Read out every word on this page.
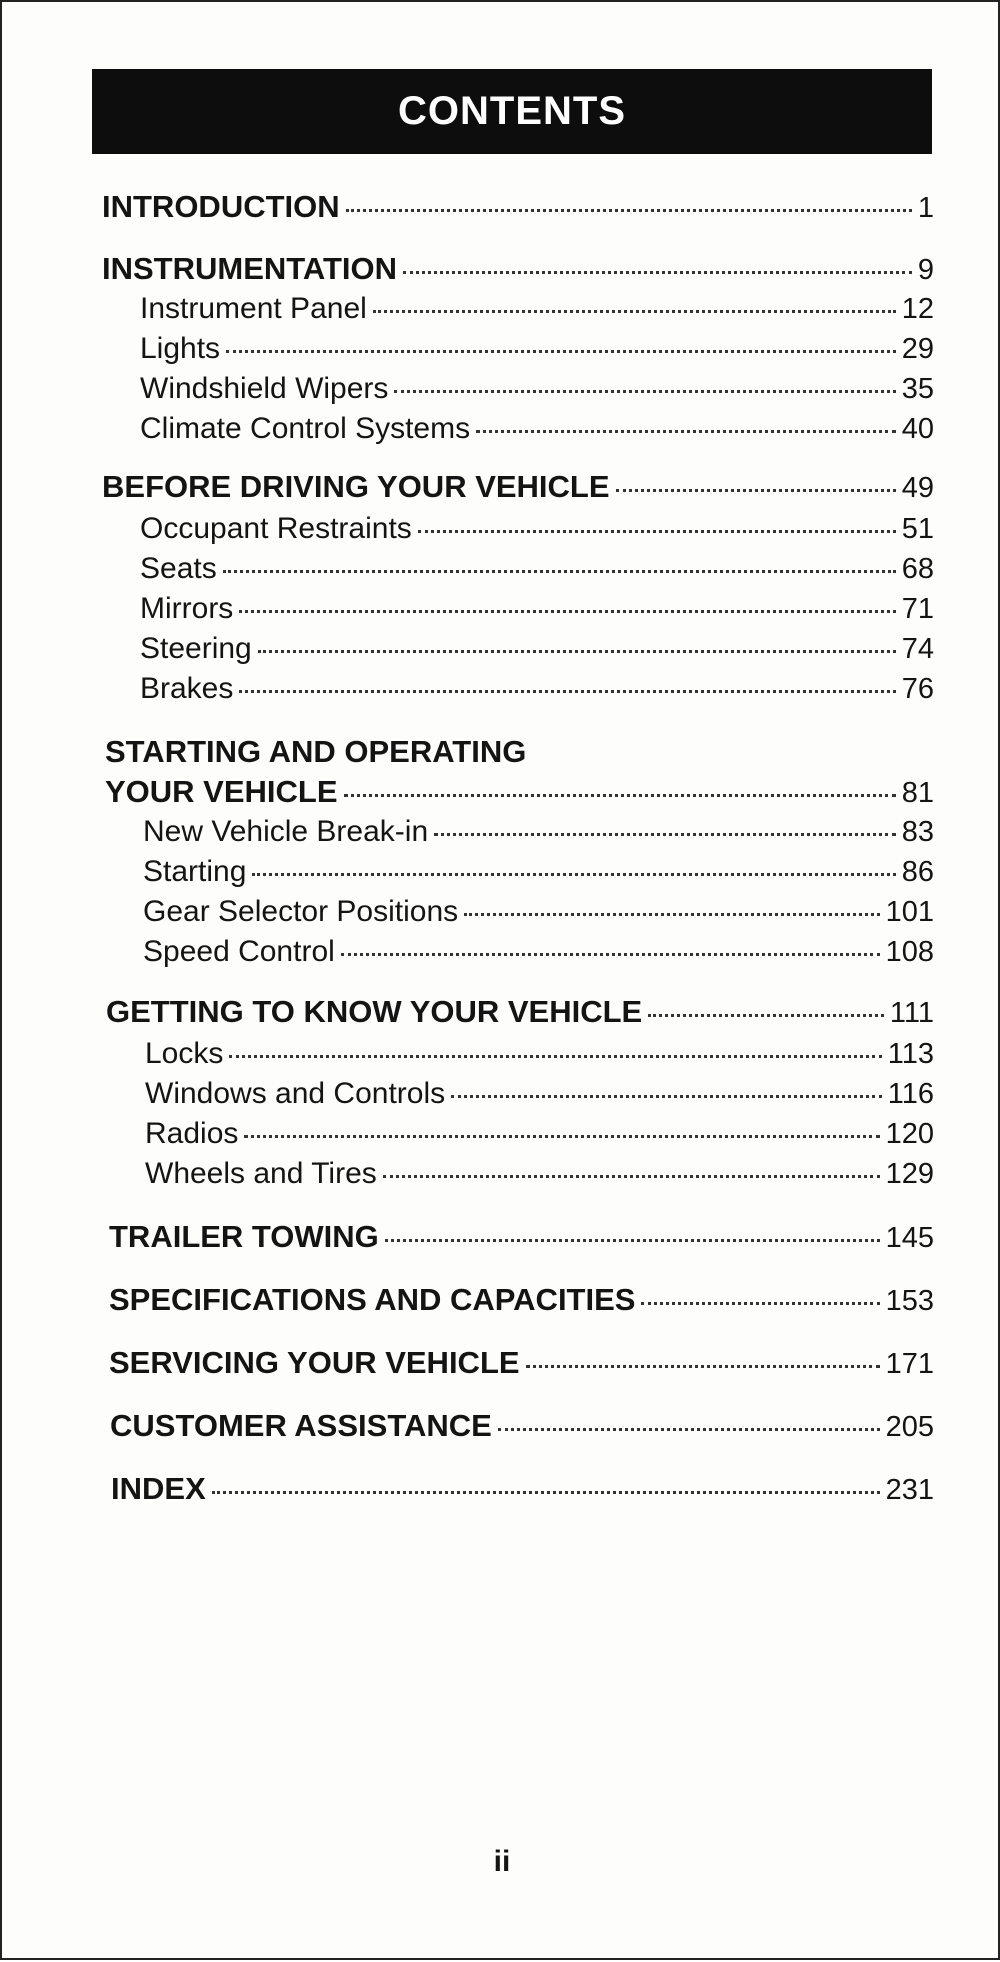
CONTENTS
INTRODUCTION	1
INSTRUMENTATION	9
Instrument Panel	12
Lights	29
Windshield Wipers	35
Climate Control Systems	40
BEFORE DRIVING YOUR VEHICLE	49
Occupant Restraints	51
Seats	68
Mirrors	71
Steering	74
Brakes	76
STARTING AND OPERATING
YOUR VEHICLE	81
New Vehicle Break-in	83
Starting	86
Gear Selector Positions	101
Speed Control	108
GETTING TO KNOW YOUR VEHICLE	111
Locks	113
Windows and Controls	116
Radios	120
Wheels and Tires	129
TRAILER TOWING	145
SPECIFICATIONS AND CAPACITIES	153
SERVICING YOUR VEHICLE	171
CUSTOMER ASSISTANCE	205
INDEX	231
ii
